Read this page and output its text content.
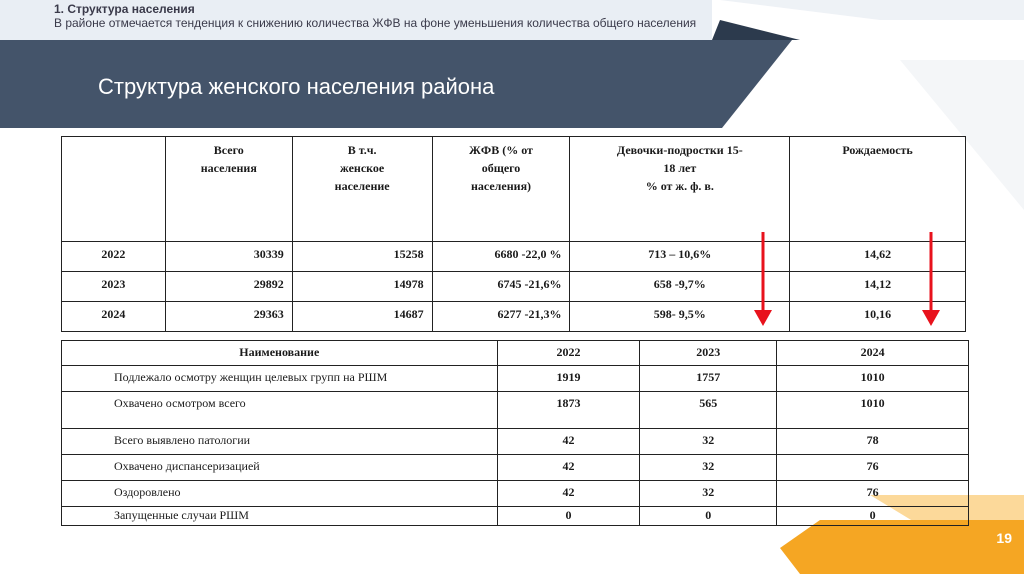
1. Структура населения
В районе отмечается тенденция к снижению количества ЖФВ на фоне уменьшения количества общего населения
Структура женского населения района

	Всего
населения	В т.ч.
женское
население	ЖФВ (% от
общего
населения)	Девочки-подростки 15-
18 лет
% от ж. ф. в.	Рождаемость

2022	30339	15258	6680 -22,0 %	713 – 10,6%	14,62

2023	29892	14978	6745 -21,6%	658 -9,7%	14,12

2024	29363	14687	6277 -21,3%	598- 9,5%	10,16
Наименование	2022	2023	2024

Подлежало осмотру женщин целевых групп на РШМ	1919	1757	1010

Охвачено осмотром всего	1873	565	1010

Всего выявлено патологии	42	32	78

Охвачено диспансеризацией	42	32	76

Оздоровлено	42	32	76

Запущенные случаи РШМ	0	0	0
19
